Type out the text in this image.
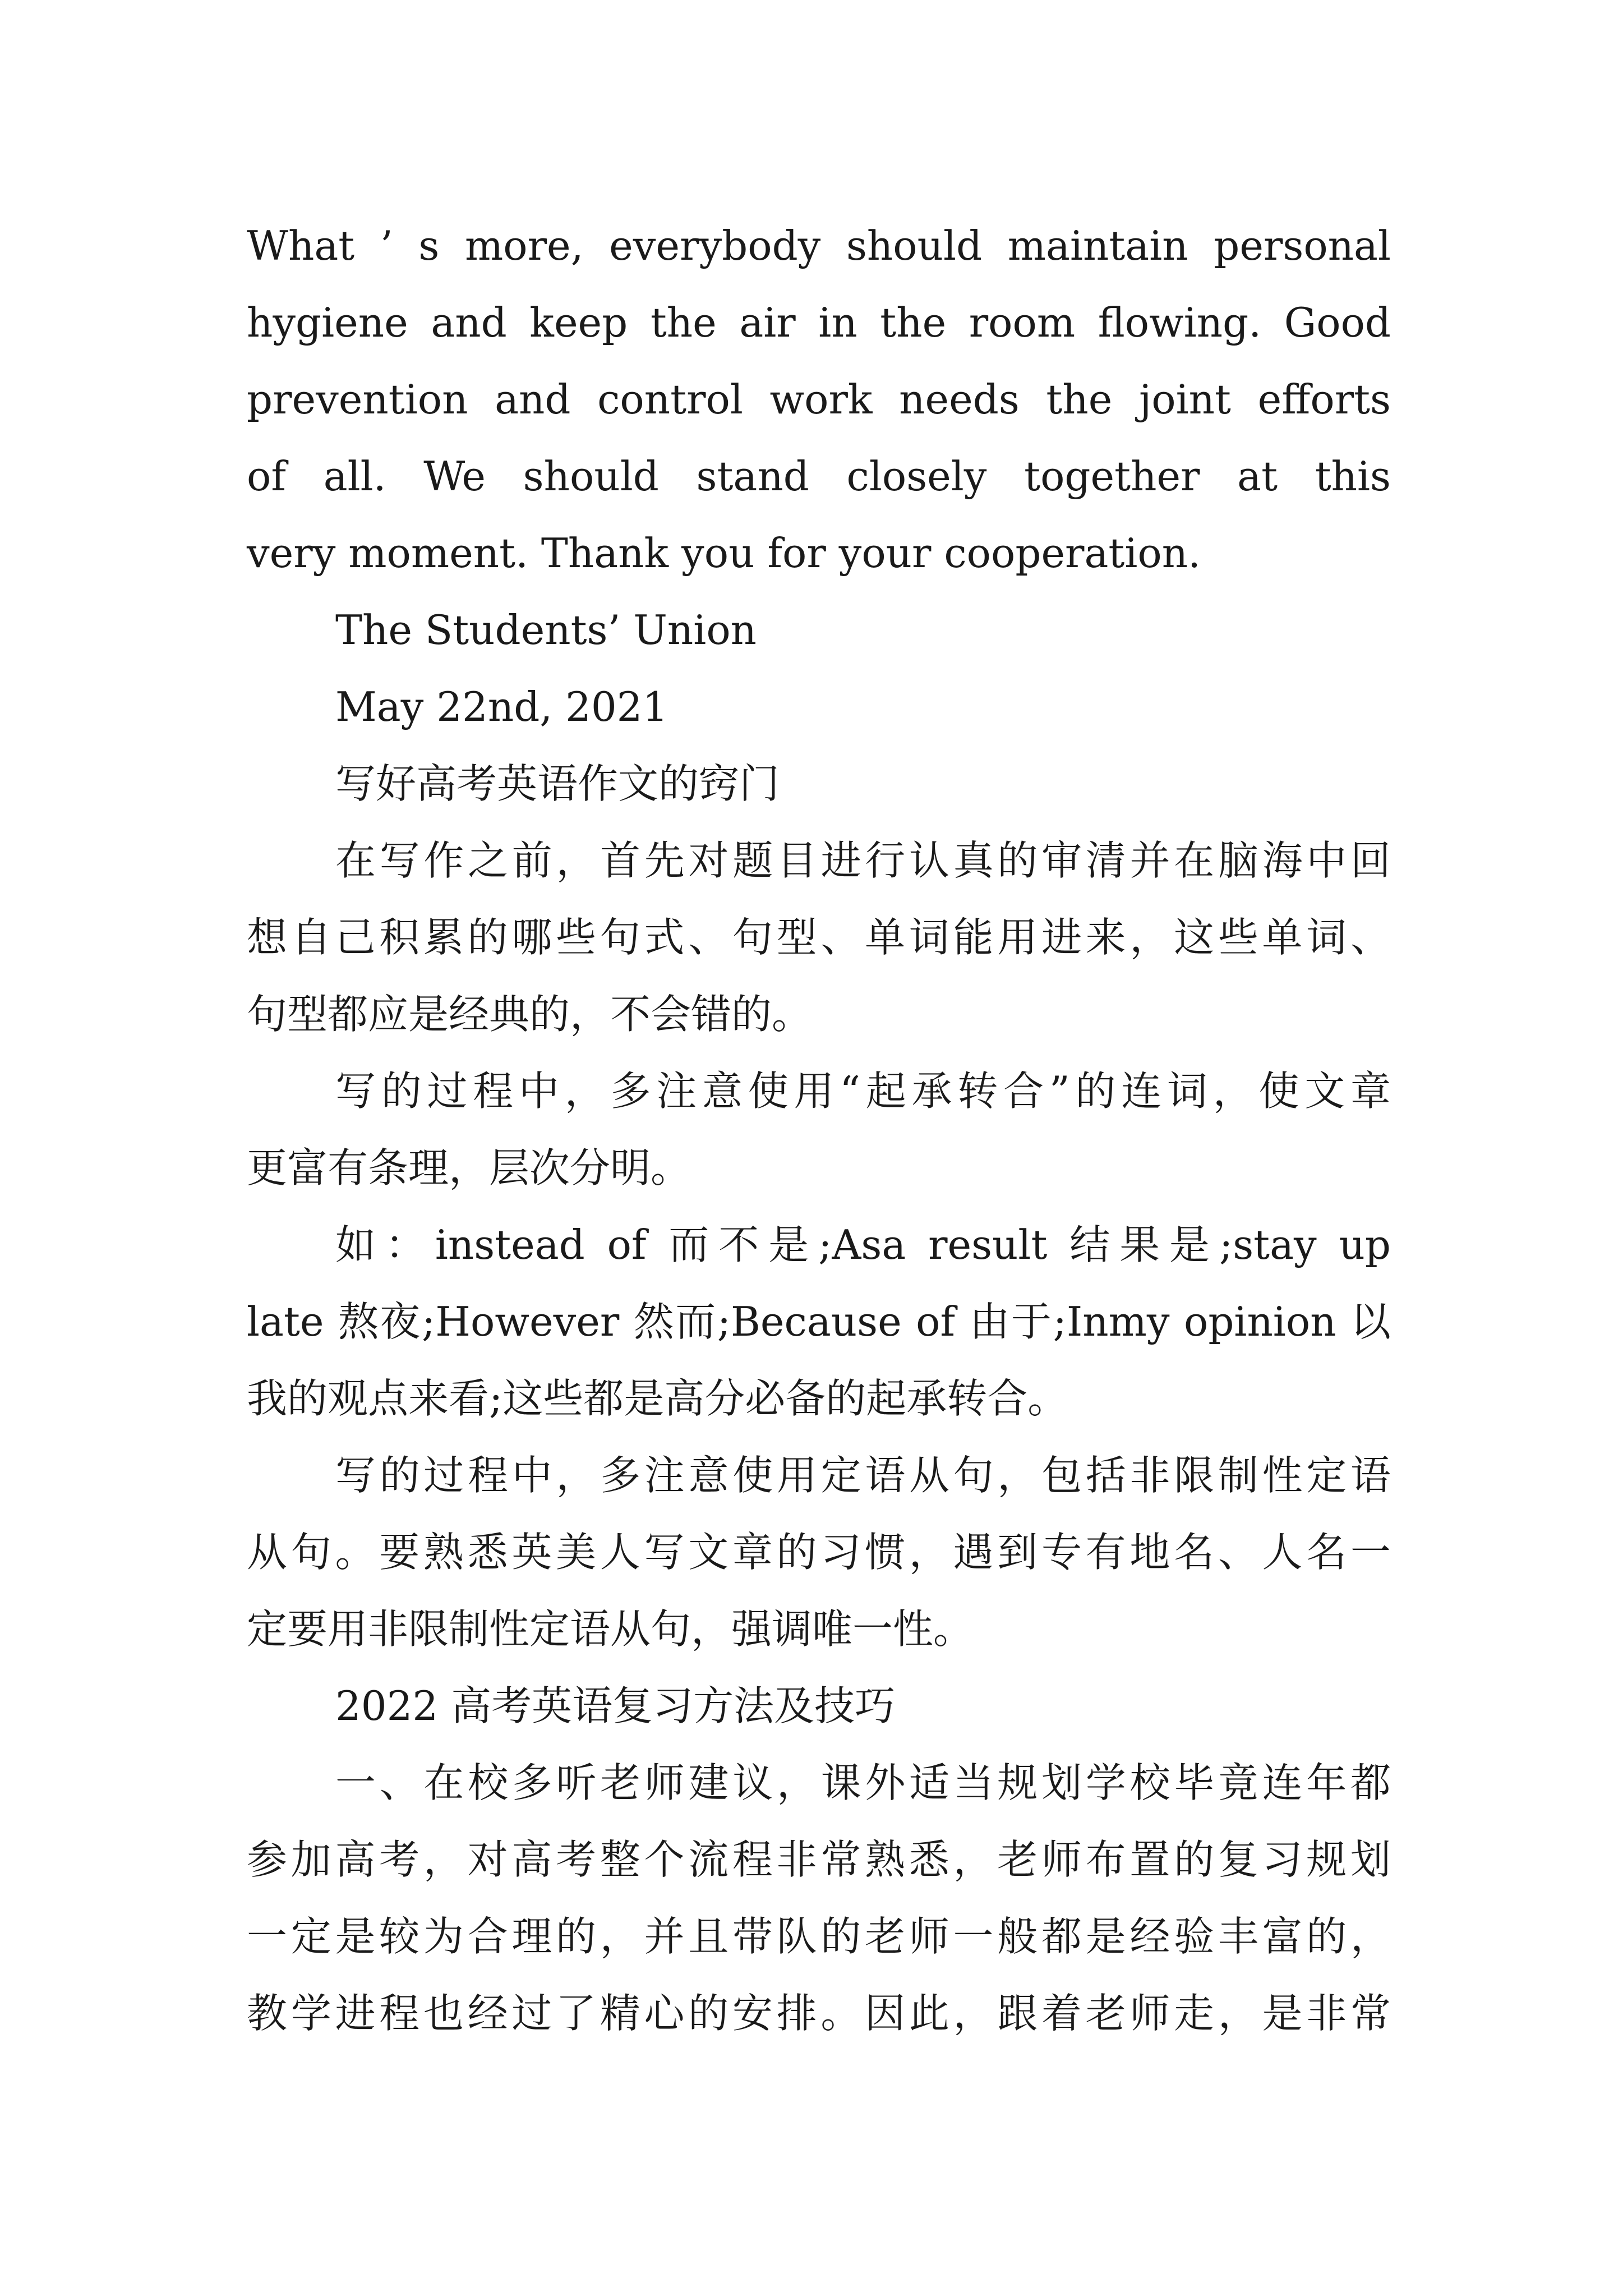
What ’ s more, everybody should maintain personal

hygiene and keep the air in the room flowing. Good

prevention and control work needs the joint efforts

of all. We should stand closely together at this

very moment. Thank you for your cooperation.

The Students’ Union

May 22nd, 2021

写好高考英语作文的窍门

在写作之前，首先对题目进行认真的审清并在脑海中回

想自己积累的哪些句式、句型、单词能用进来，这些单词、

句型都应是经典的，不会错的。

写的过程中，多注意使用“起承转合”的连词，使文章

更富有条理，层次分明。

如：instead of 而不是;Asa result 结果是;stay up

late 熬夜;However 然而;Because of 由于;Inmy opinion 以

我的观点来看;这些都是高分必备的起承转合。

写的过程中，多注意使用定语从句，包括非限制性定语

从句。要熟悉英美人写文章的习惯，遇到专有地名、人名一

定要用非限制性定语从句，强调唯一性。

2022 高考英语复习方法及技巧

一、在校多听老师建议，课外适当规划学校毕竟连年都

参加高考，对高考整个流程非常熟悉，老师布置的复习规划

一定是较为合理的，并且带队的老师一般都是经验丰富的，

教学进程也经过了精心的安排。因此，跟着老师走，是非常
